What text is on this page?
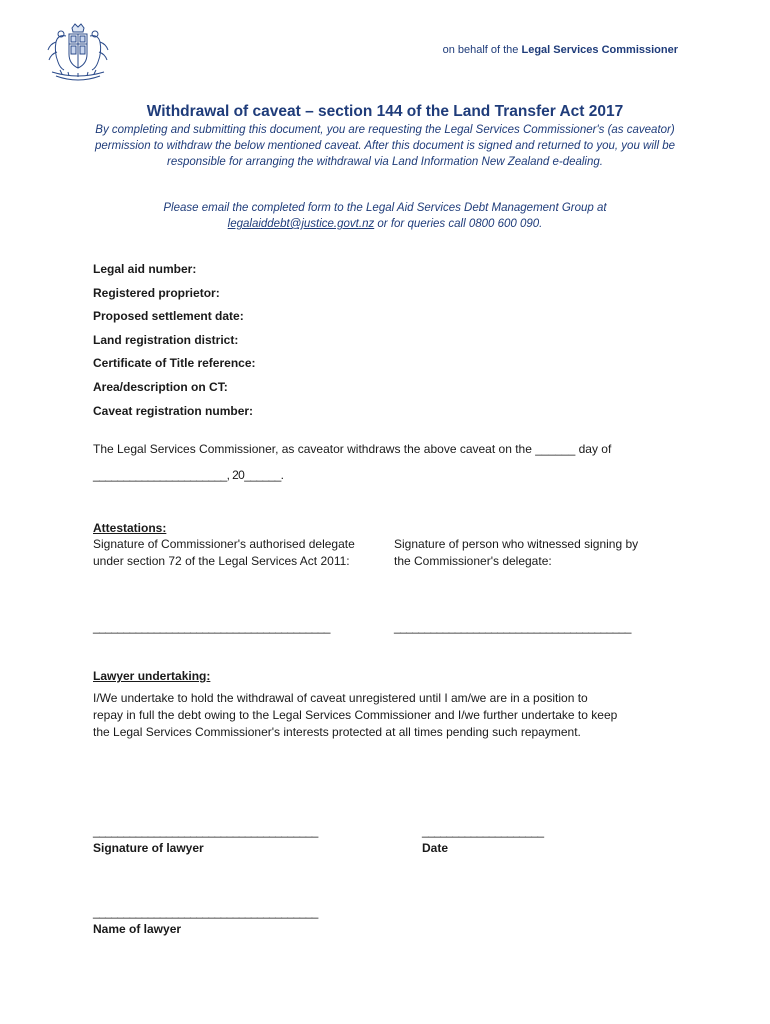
on behalf of the Legal Services Commissioner
Withdrawal of caveat – section 144 of the Land Transfer Act 2017
By completing and submitting this document, you are requesting the Legal Services Commissioner's (as caveator) permission to withdraw the below mentioned caveat. After this document is signed and returned to you, you will be responsible for arranging the withdrawal via Land Information New Zealand e-dealing.
Please email the completed form to the Legal Aid Services Debt Management Group at
legalaiddebt@justice.govt.nz or for queries call 0800 600 090.
Legal aid number:
Registered proprietor:
Proposed settlement date:
Land registration district:
Certificate of Title reference:
Area/description on CT:
Caveat registration number:
The Legal Services Commissioner, as caveator withdraws the above caveat on the ______ day of
______________________, 20______.
Attestations:
Signature of Commissioner's authorised delegate
under section 72 of the Legal Services Act 2011:
Signature of person who witnessed signing by
the Commissioner's delegate:
_______________________________________	_______________________________________
Lawyer undertaking:
I/We undertake to hold the withdrawal of caveat unregistered until I am/we are in a position to
repay in full the debt owing to the Legal Services Commissioner and I/we further undertake to keep
the Legal Services Commissioner's interests protected at all times pending such repayment.
_____________________________________
Signature of lawyer
____________________
Date
_____________________________________
Name of lawyer
